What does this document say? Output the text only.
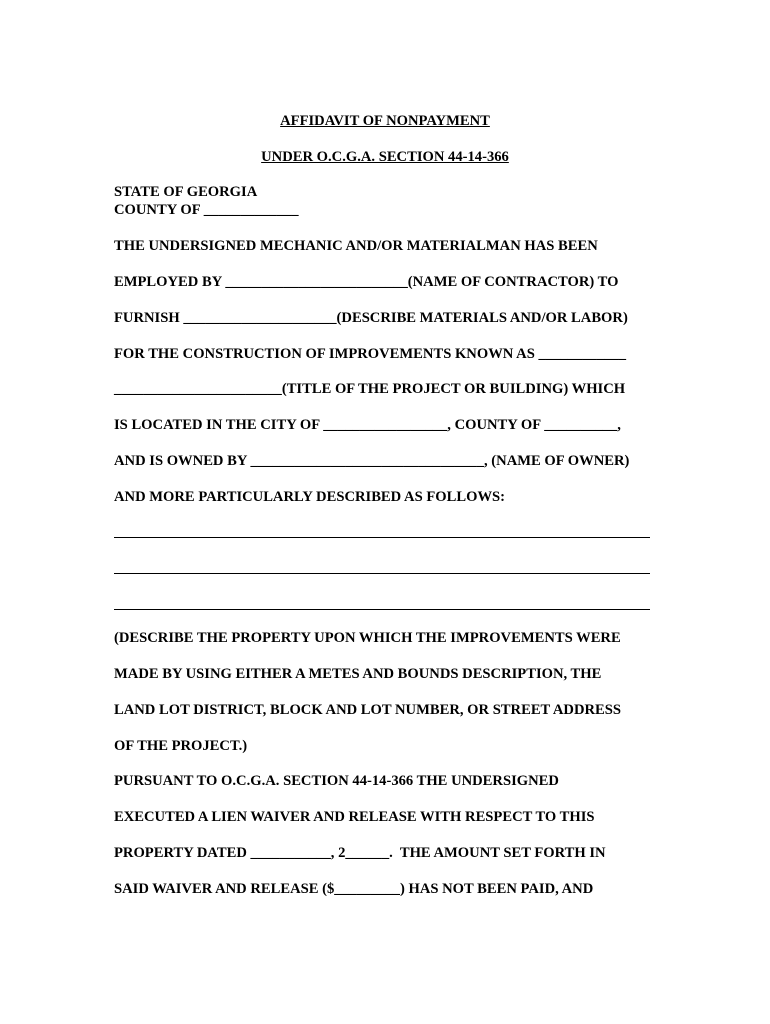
AFFIDAVIT OF NONPAYMENT

UNDER O.C.G.A. SECTION 44-14-366

STATE OF GEORGIA

COUNTY OF _____________

THE UNDERSIGNED MECHANIC AND/OR MATERIALMAN HAS BEEN

EMPLOYED BY _________________________(NAME OF CONTRACTOR) TO

FURNISH _____________________(DESCRIBE MATERIALS AND/OR LABOR)

FOR THE CONSTRUCTION OF IMPROVEMENTS KNOWN AS ____________

_______________________(TITLE OF THE PROJECT OR BUILDING) WHICH

IS LOCATED IN THE CITY OF _________________, COUNTY OF __________,

AND IS OWNED BY ________________________________, (NAME OF OWNER)

AND MORE PARTICULARLY DESCRIBED AS FOLLOWS:

(DESCRIBE THE PROPERTY UPON WHICH THE IMPROVEMENTS WERE

MADE BY USING EITHER A METES AND BOUNDS DESCRIPTION, THE

LAND LOT DISTRICT, BLOCK AND LOT NUMBER, OR STREET ADDRESS

OF THE PROJECT.)

PURSUANT TO O.C.G.A. SECTION 44-14-366 THE UNDERSIGNED

EXECUTED A LIEN WAIVER AND RELEASE WITH RESPECT TO THIS

PROPERTY DATED ___________, 2______.  THE AMOUNT SET FORTH IN

SAID WAIVER AND RELEASE ($_________) HAS NOT BEEN PAID, AND
